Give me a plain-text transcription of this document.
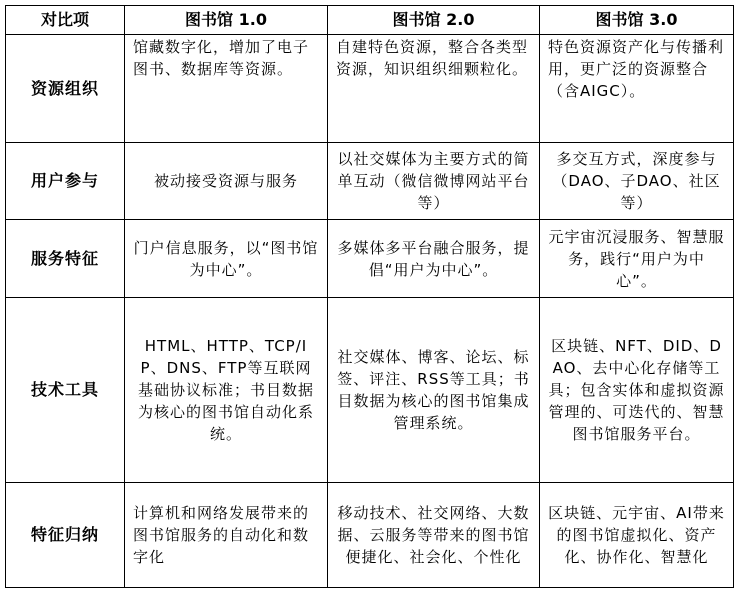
对比项	图书馆 1.0	图书馆 2.0	图书馆 3.0
资源组织	馆藏数字化，增加了电子图书、数据库等资源。	自建特色资源，整合各类型资源，知识组织细颗粒化。	特色资源资产化与传播利用，更广泛的资源整合（含AIGC）。
用户参与	被动接受资源与服务	以社交媒体为主要方式的简单互动（微信微博网站平台等）	多交互方式，深度参与（DAO、子DAO、社区等）
服务特征	门户信息服务，以“图书馆为中心”。	多媒体多平台融合服务，提倡“用户为中心”。	元宇宙沉浸服务、智慧服务，践行“用户为中心”。
技术工具	HTML、HTTP、TCP/IP、DNS、FTP等互联网基础协议标准；书目数据为核心的图书馆自动化系统。	社交媒体、博客、论坛、标签、评注、RSS等工具；书目数据为核心的图书馆集成管理系统。	区块链、NFT、DID、DAO、去中心化存储等工具；包含实体和虚拟资源管理的、可迭代的、智慧图书馆服务平台。
特征归纳	计算机和网络发展带来的图书馆服务的自动化和数字化	移动技术、社交网络、大数据、云服务等带来的图书馆便捷化、社会化、个性化	区块链、元宇宙、AI带来的图书馆虚拟化、资产化、协作化、智慧化
